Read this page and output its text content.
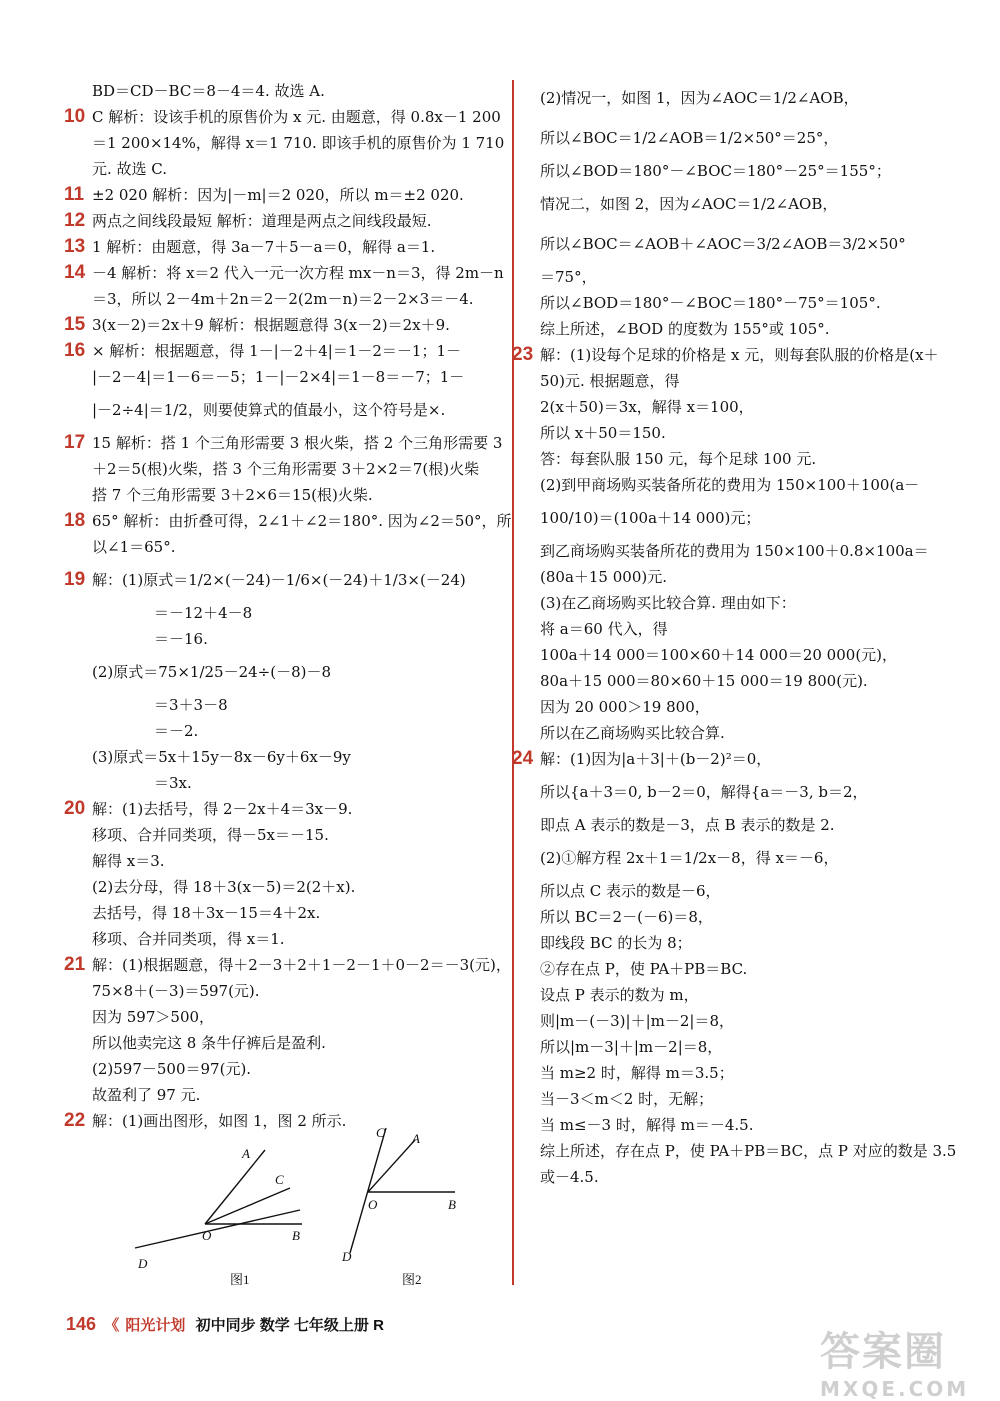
BD＝CD－BC＝8－4＝4. 故选 A.
10 C 解析：设该手机的原售价为 x 元. 由题意，得 0.8x－1 200
＝1 200×14%，解得 x＝1 710. 即该手机的原售价为 1 710
元. 故选 C.
11 ±2 020 解析：因为|－m|＝2 020，所以 m＝±2 020.
12 两点之间线段最短 解析：道理是两点之间线段最短.
13 1 解析：由题意，得 3a－7＋5－a＝0，解得 a＝1.
14 －4 解析：将 x＝2 代入一元一次方程 mx－n＝3，得 2m－n
＝3，所以 2－4m＋2n＝2－2(2m－n)＝2－2×3＝－4.
15 3(x－2)＝2x＋9 解析：根据题意得 3(x－2)＝2x＋9.
16 × 解析：根据题意，得 1－|－2＋4|＝1－2＝－1；1－
|－2－4|＝1－6＝－5；1－|－2×4|＝1－8＝－7；1－
|－2÷4|＝1/2，则要使算式的值最小，这个符号是×.
17 15 解析：搭 1 个三角形需要 3 根火柴，搭 2 个三角形需要 3
＋2＝5(根)火柴，搭 3 个三角形需要 3＋2×2＝7(根)火柴
搭 7 个三角形需要 3＋2×6＝15(根)火柴.
18 65° 解析：由折叠可得，2∠1＋∠2＝180°. 因为∠2＝50°，所
以∠1＝65°.
19 解：(1)原式＝1/2×(－24)－1/6×(－24)＋1/3×(－24)
＝－12＋4－8
＝－16.
(2)原式＝75×1/25－24÷(－8)－8
＝3＋3－8
＝－2.
(3)原式＝5x＋15y－8x－6y＋6x－9y
＝3x.
20 解：(1)去括号，得 2－2x＋4＝3x－9.
移项、合并同类项，得－5x＝－15.
解得 x＝3.
(2)去分母，得 18＋3(x－5)＝2(2＋x).
去括号，得 18＋3x－15＝4＋2x.
移项、合并同类项，得 x＝1.
21 解：(1)根据题意，得＋2－3＋2＋1－2－1＋0－2＝－3(元)，
75×8＋(－3)＝597(元).
因为 597＞500，
所以他卖完这 8 条牛仔裤后是盈利.
(2)597－500＝97(元).
故盈利了 97 元.
22 解：(1)画出图形，如图 1，图 2 所示.
(2)情况一，如图 1，因为∠AOC＝1/2∠AOB，
所以∠BOC＝1/2∠AOB＝1/2×50°＝25°，
所以∠BOD＝180°－∠BOC＝180°－25°＝155°；
情况二，如图 2，因为∠AOC＝1/2∠AOB，
所以∠BOC＝∠AOB＋∠AOC＝3/2∠AOB＝3/2×50°
＝75°，
所以∠BOD＝180°－∠BOC＝180°－75°＝105°.
综上所述，∠BOD 的度数为 155°或 105°.
23 解：(1)设每个足球的价格是 x 元，则每套队服的价格是(x＋
50)元. 根据题意，得
2(x＋50)＝3x，解得 x＝100，
所以 x＋50＝150.
答：每套队服 150 元，每个足球 100 元.
(2)到甲商场购买装备所花的费用为 150×100＋100(a－
100/10)＝(100a＋14 000)元；
到乙商场购买装备所花的费用为 150×100＋0.8×100a＝
(80a＋15 000)元.
(3)在乙商场购买比较合算. 理由如下：
将 a＝60 代入，得
100a＋14 000＝100×60＋14 000＝20 000(元)，
80a＋15 000＝80×60＋15 000＝19 800(元).
因为 20 000＞19 800，
所以在乙商场购买比较合算.
24 解：(1)因为|a＋3|＋(b－2)²＝0，
所以{a＋3＝0, b－2＝0，解得{a＝－3, b＝2，
即点 A 表示的数是－3，点 B 表示的数是 2.
(2)①解方程 2x＋1＝1/2x－8，得 x＝－6，
所以点 C 表示的数是－6，
所以 BC＝2－(－6)＝8，
即线段 BC 的长为 8；
②存在点 P，使 PA＋PB＝BC.
设点 P 表示的数为 m，
则|m－(－3)|＋|m－2|＝8，
所以|m－3|＋|m－2|＝8，
当 m≥2 时，解得 m＝3.5；
当－3＜m＜2 时，无解；
当 m≤－3 时，解得 m＝－4.5.
综上所述，存在点 P，使 PA＋PB＝BC，点 P 对应的数是 3.5
或－4.5.
A
C
O	B
D
图1
C A
O	B
D
图2
146 《 阳光计划 初中同步 数学 七年级上册 R
答案圈
MXQE.COM
